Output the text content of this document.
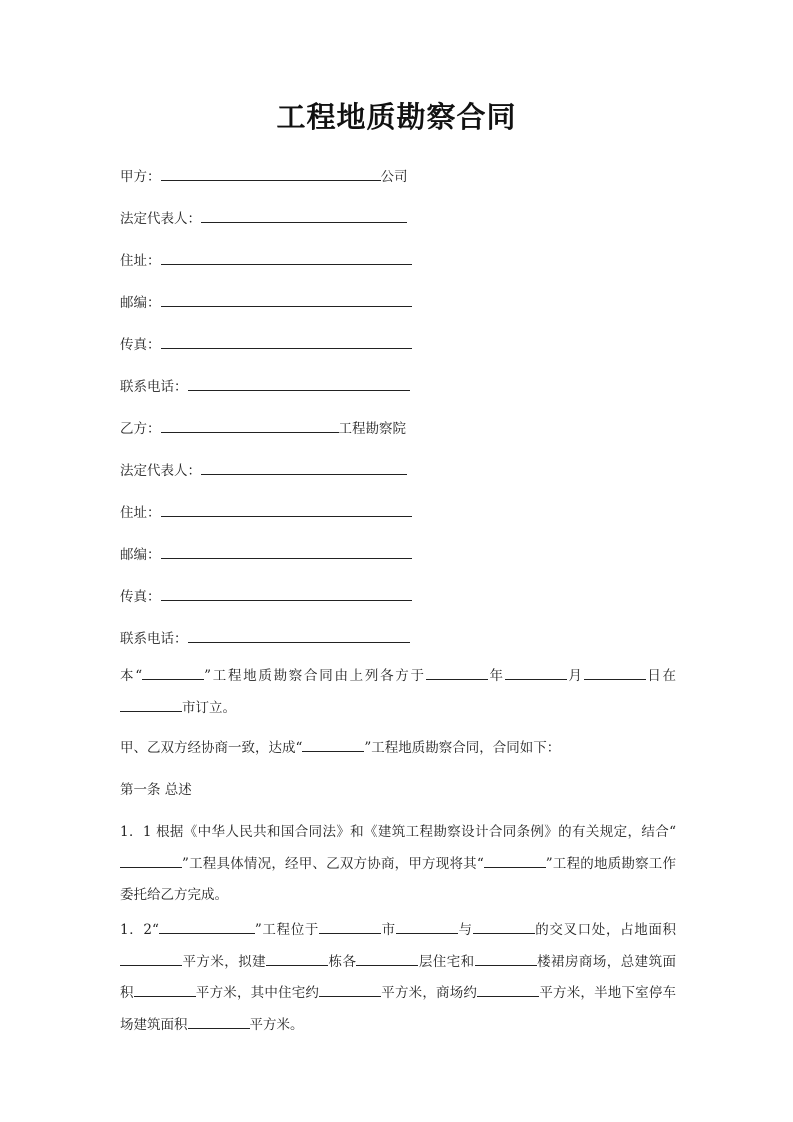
工程地质勘察合同
甲方：	公司
法定代表人：
住址：
邮编：
传真：
联系电话：
乙方：	工程勘察院
法定代表人：
住址：
邮编：
传真：
联系电话：
本“	”工程地质勘察合同由上列各方于	年	月	日在市订立。
甲、乙双方经协商一致，达成“	”工程地质勘察合同，合同如下：
第一条 总述
1．1 根据《中华人民共和国合同法》和《建筑工程勘察设计合同条例》的有关规定，结合“”工程具体情况，经甲、乙双方协商，甲方现将其“	”工程的地质勘察工作委托给乙方完成。
1．2“	”工程位于	市	与	的交叉口处，占地面积平方米，拟建	栋各	层住宅和	楼裙房商场，总建筑面积	平方米，其中住宅约	平方米，商场约	平方米，半地下室停车场建筑面积	平方米。
